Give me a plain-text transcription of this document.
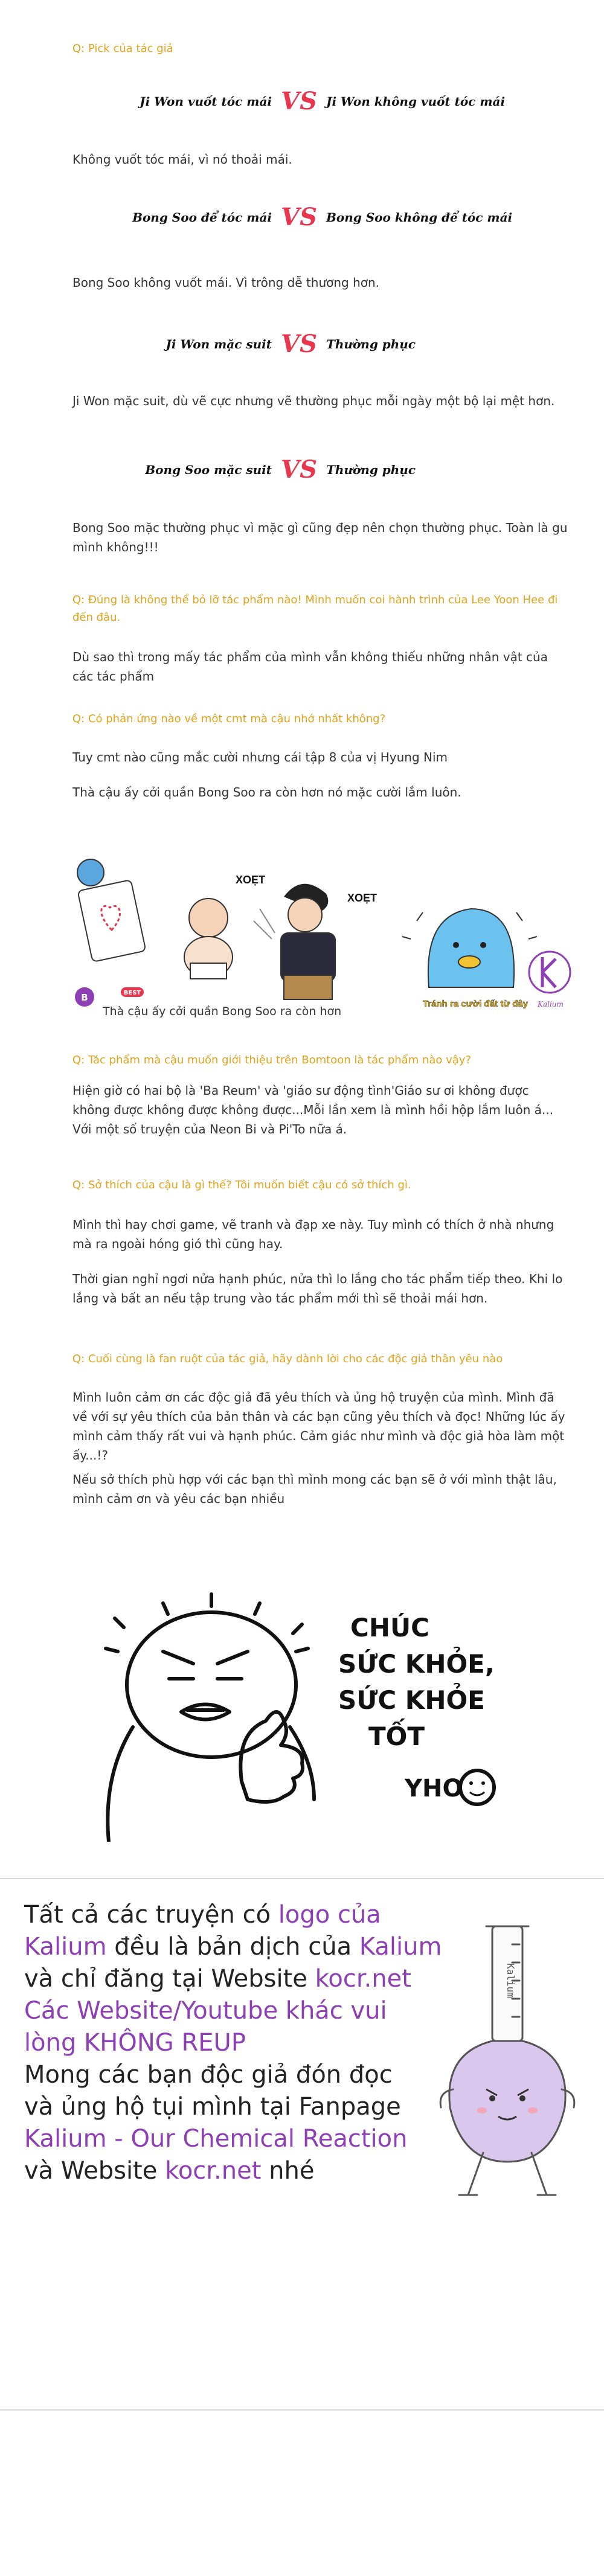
Q: Pick của tác giả
Ji Won vuốt tóc mái VS Ji Won không vuốt tóc mái
Không vuốt tóc mái, vì nó thoải mái.
Bong Soo để tóc mái VS Bong Soo không để tóc mái
Bong Soo không vuốt mái. Vì trông dễ thương hơn.
Ji Won mặc suit VS Thường phục
Ji Won mặc suit, dù vẽ cực nhưng vẽ thường phục mỗi ngày một bộ lại mệt hơn.
Bong Soo mặc suit VS Thường phục
Bong Soo mặc thường phục vì mặc gì cũng đẹp nên chọn thường phục. Toàn là gu mình không!!!
Q: Đúng là không thể bỏ lỡ tác phẩm nào! Mình muốn coi hành trình của Lee Yoon Hee đi đến đâu.
Dù sao thì trong mấy tác phẩm của mình vẫn không thiếu những nhân vật của các tác phẩm
Q: Có phản ứng nào về một cmt mà cậu nhớ nhất không?
Tuy cmt nào cũng mắc cười nhưng cái tập 8 của vị Hyung Nim
Thà cậu ấy cởi quần Bong Soo ra còn hơn nó mặc cười lắm luôn.
XOẸT
XOẸT
Tránh ra cười đất từ đây Kalium
B	BEST
Thà cậu ấy cởi quần Bong Soo ra còn hơn
Q: Tác phẩm mà cậu muốn giới thiệu trên Bomtoon là tác phẩm nào vậy?
Hiện giờ có hai bộ là 'Ba Reum' và 'giáo sư động tình'Giáo sư ơi không được không được không được không được...Mỗi lần xem là mình hồi hộp lắm luôn á... Với một số truyện của Neon Bi và Pi'To nữa á.
Q: Sở thích của cậu là gì thế? Tôi muốn biết cậu có sở thích gì.
Mình thì hay chơi game, vẽ tranh và đạp xe này. Tuy mình có thích ở nhà nhưng mà ra ngoài hóng gió thì cũng hay.
Thời gian nghỉ ngơi nửa hạnh phúc, nửa thì lo lắng cho tác phẩm tiếp theo. Khi lo lắng và bất an nếu tập trung vào tác phẩm mới thì sẽ thoải mái hơn.
Q: Cuối cùng là fan ruột của tác giả, hãy dành lời cho các độc giả thân yêu nào
Mình luôn cảm ơn các độc giả đã yêu thích và ủng hộ truyện của mình. Mình đã về với sự yêu thích của bản thân và các bạn cũng yêu thích và đọc! Những lúc ấy mình cảm thấy rất vui và hạnh phúc. Cảm giác như mình và độc giả hòa làm một ấy...!?
Nếu sở thích phù hợp với các bạn thì mình mong các bạn sẽ ở với mình thật lâu, mình cảm ơn và yêu các bạn nhiều
CHÚC
SỨC KHỎE,
SỨC KHỎE
TỐT
YHO
Tất cả các truyện có logo của
Kalium đều là bản dịch của Kalium
và chỉ đăng tại Website kocr.net
Các Website/Youtube khác vui
lòng KHÔNG REUP
Mong các bạn độc giả đón đọc
và ủng hộ tụi mình tại Fanpage
Kalium - Our Chemical Reaction
và Website kocr.net nhé
Kalium
